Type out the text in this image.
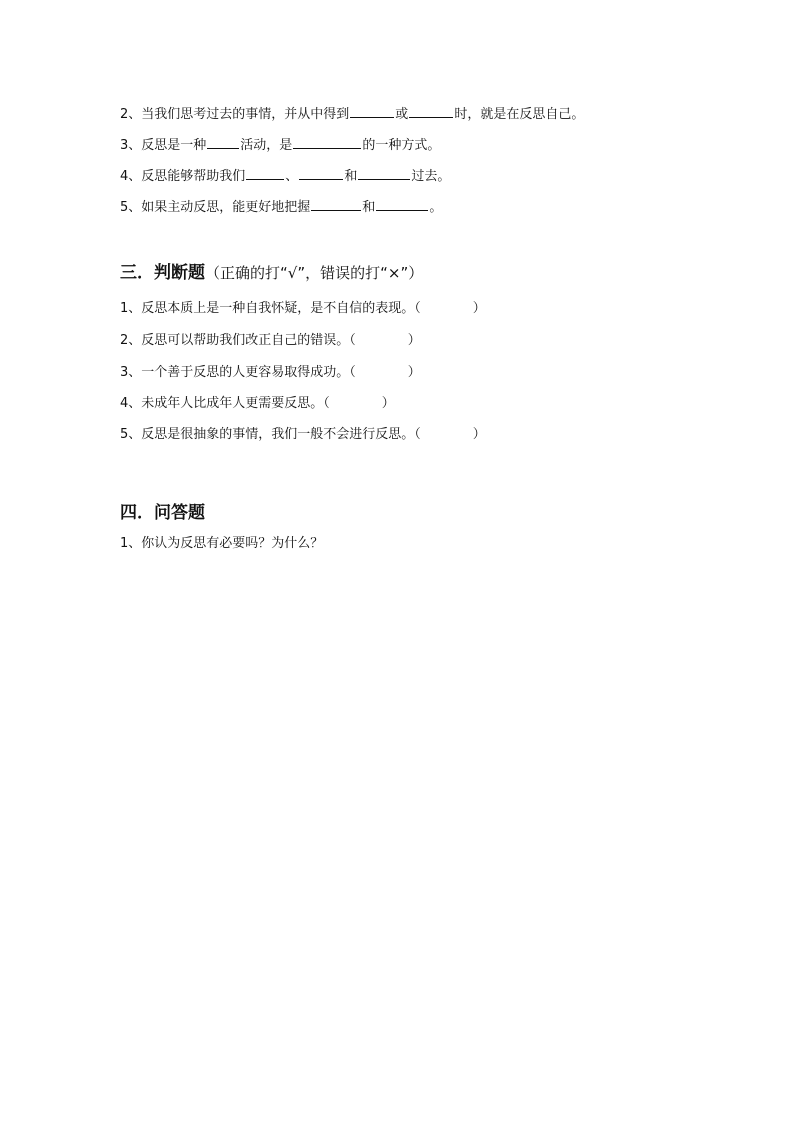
2、当我们思考过去的事情，并从中得到	或	时，就是在反思自己。
3、反思是一种	活动，是	的一种方式。
4、反思能够帮助我们	、	和	过去。
5、如果主动反思，能更好地把握	和	。
三．判断题（正确的打“√”，错误的打“×”）
1、反思本质上是一种自我怀疑，是不自信的表现。（	）
2、反思可以帮助我们改正自己的错误。（	）
3、一个善于反思的人更容易取得成功。（	）
4、未成年人比成年人更需要反思。（	）
5、反思是很抽象的事情，我们一般不会进行反思。（	）
四．问答题
1、你认为反思有必要吗？为什么？
